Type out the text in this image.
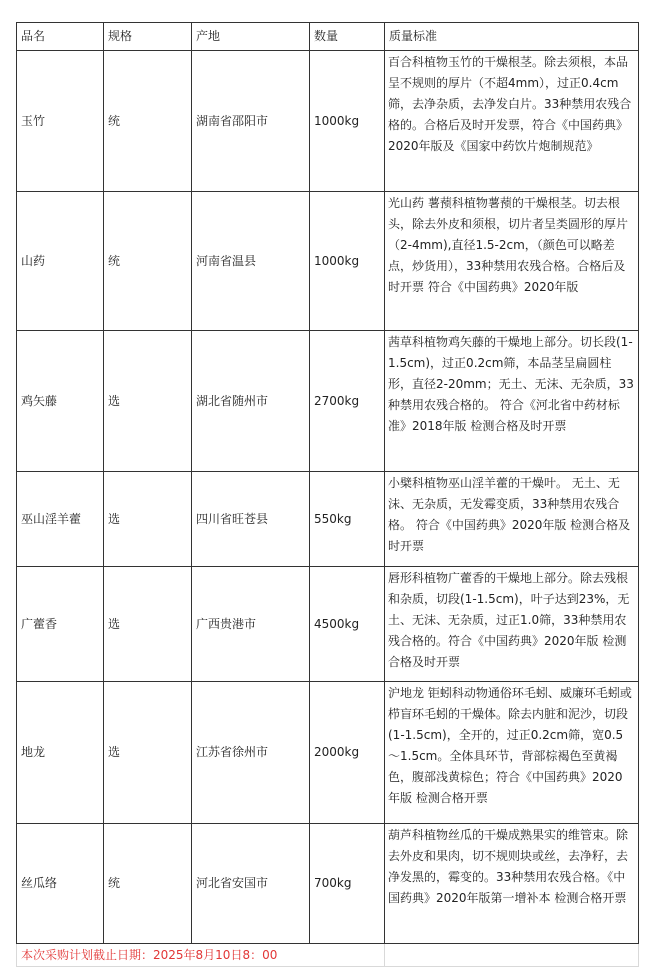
品名	规格	产地	数量	质量标准
玉竹	统	湖南省邵阳市	1000kg	百合科植物玉竹的干燥根茎。除去须根，本品呈不规则的厚片（不超4mm），过正0.4cm筛，去净杂质，去净发白片。33种禁用农残合格的。合格后及时开发票，符合《中国药典》2020年版及《国家中药饮片炮制规范》
山药	统	河南省温县	1000kg	光山药 薯蓣科植物薯蓣的干燥根茎。切去根头，除去外皮和须根，切片者呈类圆形的厚片（2-4mm),直径1.5-2cm，（颜色可以略差点，炒货用），33种禁用农残合格。合格后及时开票 符合《中国药典》2020年版
鸡矢藤	选	湖北省随州市	2700kg	茜草科植物鸡矢藤的干燥地上部分。切长段(1-1.5cm)，过正0.2cm筛，本品茎呈扁圆柱形，直径2-20mm；无土、无沫、无杂质，33种禁用农残合格的。 符合《河北省中药材标准》2018年版 检测合格及时开票
巫山淫羊藿	选	四川省旺苍县	550kg	小檗科植物巫山淫羊藿的干燥叶。 无土、无沫、无杂质，无发霉变质，33种禁用农残合格。 符合《中国药典》2020年版 检测合格及时开票
广藿香	选	广西贵港市	4500kg	唇形科植物广藿香的干燥地上部分。除去残根和杂质，切段(1-1.5cm)，叶子达到23%，无土、无沫、无杂质，过正1.0筛，33种禁用农残合格的。符合《中国药典》2020年版 检测合格及时开票
地龙	选	江苏省徐州市	2000kg	沪地龙 钜蚓科动物通俗环毛蚓、威廉环毛蚓或栉盲环毛蚓的干燥体。除去内脏和泥沙，切段(1-1.5cm)，全开的，过正0.2cm筛，宽0.5～1.5cm。全体具环节，背部棕褐色至黄褐色，腹部浅黄棕色；符合《中国药典》2020年版 检测合格开票
丝瓜络	统	河北省安国市	700kg	葫芦科植物丝瓜的干燥成熟果实的维管束。除去外皮和果肉，切不规则块或丝，去净籽，去净发黑的，霉变的。33种禁用农残合格。《中国药典》2020年版第一增补本 检测合格开票
本次采购计划截止日期：2025年8月10日8：00				
